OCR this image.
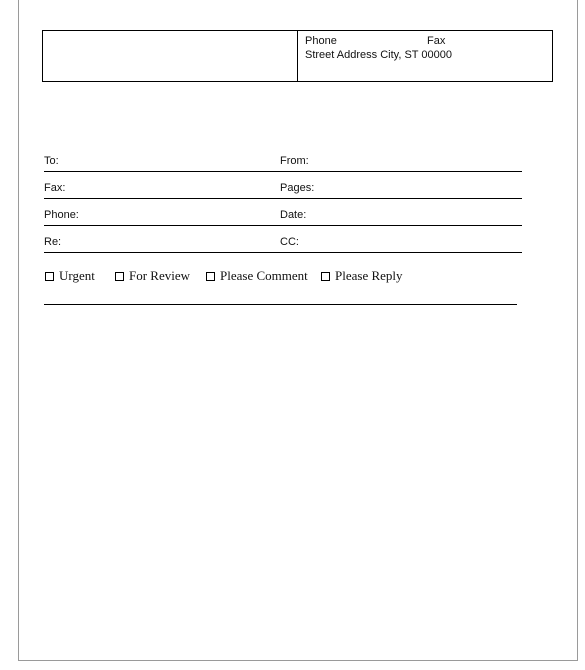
Phone	Fax
Street Address City, ST 00000
To:	From:
Fax:	Pages:
Phone:	Date:
Re:	CC:
Urgent	For Review Please Comment Please Reply
